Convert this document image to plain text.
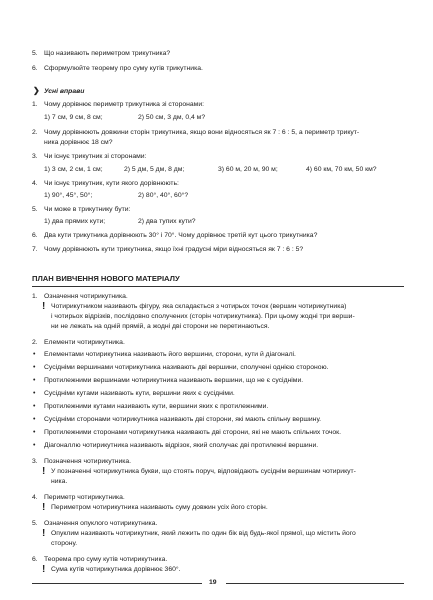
5. Що називають периметром трикутника?
6. Сформулюйте теорему про суму кутів трикутника.
❯ Усні вправи
1. Чому дорівнює периметр трикутника зі сторонами:
1) 7 см, 9 см, 8 см;	2) 50 см, 3 дм, 0,4 м?
2. Чому дорівнюють довжини сторін трикутника, якщо вони відносяться як 7 : 6 : 5, а периметр трикут-
ника дорівнює 18 см?
3. Чи існує трикутник зі сторонами:
1) 3 см, 2 см, 1 см;	2) 5 дм, 5 дм, 8 дм;	3) 60 м, 20 м, 90 м;	4) 60 км, 70 км, 50 км?
4. Чи існує трикутник, кути якого дорівнюють:
1) 90°, 45°, 50°;	2) 80°, 40°, 60°?
5. Чи може в трикутнику бути:
1) два прямих кути;	2) два тупих кути?
6. Два кути трикутника дорівнюють 30° і 70°. Чому дорівнює третій кут цього трикутника?
7. Чому дорівнюють кути трикутника, якщо їхні градусні міри відносяться як 7 : 6 : 5?
ПЛАН ВИВЧЕННЯ НОВОГО МАТЕРІАЛУ
1. Означення чотирикутника.
! Чотирикутником називають фігуру, яка складається з чотирьох точок (вершин чотирикутника)
і чотирьох відрізків, послідовно сполучених (сторін чотирикутника). При цьому жодні три верши-
ни не лежать на одній прямій, а жодні дві сторони не перетинаються.
2. Елементи чотирикутника.
• Елементами чотирикутника називають його вершини, сторони, кути й діагоналі.
• Сусідніми вершинами чотирикутника називають дві вершини, сполучені однією стороною.
• Протилежними вершинами чотирикутника називають вершини, що не є сусідніми.
• Сусідніми кутами називають кути, вершини яких є сусідніми.
• Протилежними кутами називають кути, вершини яких є протилежними.
• Сусідніми сторонами чотирикутника називають дві сторони, які мають спільну вершину.
• Протилежними сторонами чотирикутника називають дві сторони, які не мають спільних точок.
• Діагоналлю чотирикутника називають відрізок, який сполучає дві протилежні вершини.
3. Позначення чотирикутника.
! У позначенні чотирикутника букви, що стоять поруч, відповідають сусіднім вершинам чотирикут-
ника.
4. Периметр чотирикутника.
! Периметром чотирикутника називають суму довжин усіх його сторін.
5. Означення опуклого чотирикутника.
! Опуклим називають чотирикутник, який лежить по один бік від будь-якої прямої, що містить його
сторону.
6. Теорема про суму кутів чотирикутника.
! Сума кутів чотирикутника дорівнює 360°.
19
